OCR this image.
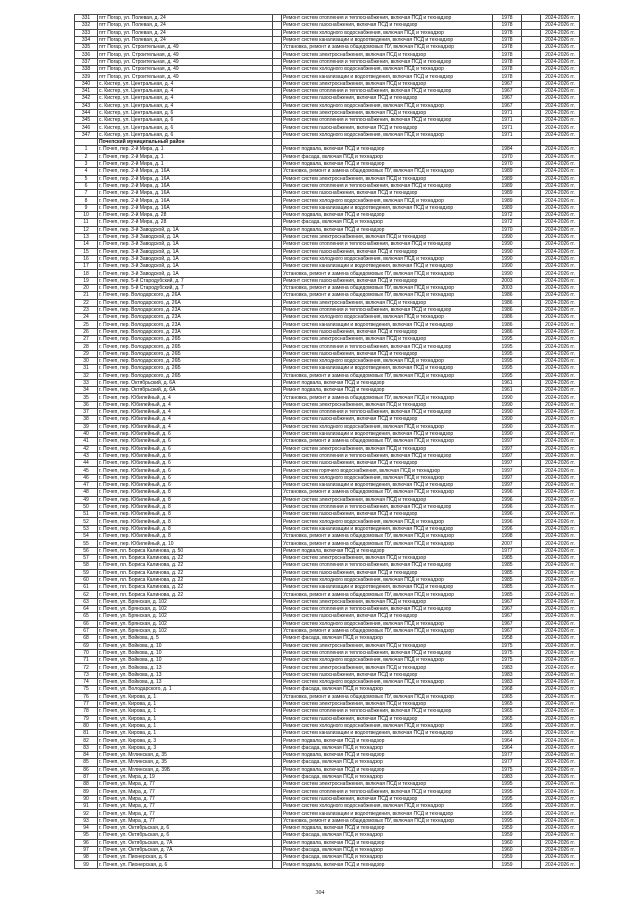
331	пгт Погар, ул. Полевая, д. 24		Ремонт систем отопления и теплоснабжения, включая ПСД и технадзор	1978		2024-2026 гг.
332	пгт Погар, ул. Полевая, д. 24		Ремонт систем газоснабжения, включая ПСД и технадзор	1978		2024-2026 гг.
333	пгт Погар, ул. Полевая, д. 24		Ремонт систем холодного водоснабжения, включая ПСД и технадзор	1978		2024-2026 гг.
334	пгт Погар, ул. Полевая, д. 24		Ремонт систем канализации и водоотведения, включая ПСД и технадзор	1978		2024-2026 гг.
335	пгт Погар, ул. Строительная, д. 49		Установка, ремонт и замена общедомовых ПУ, включая ПСД и технадзор	1978		2024-2026 гг.
336	пгт Погар, ул. Строительная, д. 49		Ремонт систем электроснабжения, включая ПСД и технадзор	1978		2024-2026 гг.
337	пгт Погар, ул. Строительная, д. 49		Ремонт систем отопления и теплоснабжения, включая ПСД и технадзор	1978		2024-2026 гг.
338	пгт Погар, ул. Строительная, д. 49		Ремонт систем холодного водоснабжения, включая ПСД и технадзор	1978		2024-2026 гг.
339	пгт Погар, ул. Строительная, д. 49		Ремонт систем канализации и водоотведения, включая ПСД и технадзор	1978		2024-2026 гг.
340	с. Кистер, ул. Центральная, д. 4		Ремонт систем электроснабжения, включая ПСД и технадзор	1967		2024-2026 гг.
341	с. Кистер, ул. Центральная, д. 4		Ремонт систем отопления и теплоснабжения, включая ПСД и технадзор	1967		2024-2026 гг.
342	с. Кистер, ул. Центральная, д. 4		Ремонт систем газоснабжения, включая ПСД и технадзор	1967		2024-2026 гг.
343	с. Кистер, ул. Центральная, д. 4		Ремонт систем холодного водоснабжения, включая ПСД и технадзор	1967		2024-2026 гг.
344	с. Кистер, ул. Центральная, д. 6		Ремонт систем электроснабжения, включая ПСД и технадзор	1971		2024-2026 гг.
345	с. Кистер, ул. Центральная, д. 6		Ремонт систем отопления и теплоснабжения, включая ПСД и технадзор	1971		2024-2026 гг.
346	с. Кистер, ул. Центральная, д. 6		Ремонт систем газоснабжения, включая ПСД и технадзор	1971		2024-2026 гг.
347	с. Кистер, ул. Центральная, д. 6		Ремонт систем холодного водоснабжения, включая ПСД и технадзор	1971		2024-2026 гг.
	Почепский муниципальный район					
1	г. Почеп, пер. 2-й Мира, д. 1		Ремонт подвала, включая ПСД и технадзор	1984		2024-2026 гг.
2	г. Почеп, пер. 2-й Мира, д. 1		Ремонт фасада, включая ПСД и технадзор	1970		2024-2026 гг.
3	г. Почеп, пер. 2-й Мира, д. 1		Ремонт подвала, включая ПСД и технадзор	1970		2024-2026 гг.
4	г. Почеп, пер. 2-й Мира, д. 16А		Установка, ремонт и замена общедомовых ПУ, включая ПСД и технадзор	1989		2024-2026 гг.
5	г. Почеп, пер. 2-й Мира, д. 16А		Ремонт систем электроснабжения, включая ПСД и технадзор	1989		2024-2026 гг.
6	г. Почеп, пер. 2-й Мира, д. 16А		Ремонт систем отопления и теплоснабжения, включая ПСД и технадзор	1989		2024-2026 гг.
7	г. Почеп, пер. 2-й Мира, д. 16А		Ремонт систем газоснабжения, включая ПСД и технадзор	1989		2024-2026 гг.
8	г. Почеп, пер. 2-й Мира, д. 16А		Ремонт систем холодного водоснабжения, включая ПСД и технадзор	1989		2024-2026 гг.
9	г. Почеп, пер. 2-й Мира, д. 16А		Ремонт систем канализации и водоотведения, включая ПСД и технадзор	1989		2024-2026 гг.
10	г. Почеп, пер. 2-й Мира, д. 28		Ремонт подвала, включая ПСД и технадзор	1972		2024-2026 гг.
11	г. Почеп, пер. 2-й Мира, д. 28		Ремонт фасада, включая ПСД и технадзор	1972		2024-2026 гг.
12	г. Почеп, пер. 3-й Заводской, д. 1А		Ремонт подвала, включая ПСД и технадзор	1970		2024-2026 гг.
13	г. Почеп, пер. 3-й Заводской, д. 1А		Ремонт систем электроснабжения, включая ПСД и технадзор	1990		2024-2026 гг.
14	г. Почеп, пер. 3-й Заводской, д. 1А		Ремонт систем отопления и теплоснабжения, включая ПСД и технадзор	1990		2024-2026 гг.
15	г. Почеп, пер. 3-й Заводской, д. 1А		Ремонт систем газоснабжения, включая ПСД и технадзор	1990		2024-2026 гг.
16	г. Почеп, пер. 3-й Заводской, д. 1А		Ремонт систем холодного водоснабжения, включая ПСД и технадзор	1990		2024-2026 гг.
17	г. Почеп, пер. 3-й Заводской, д. 1А		Ремонт систем канализации и водоотведения, включая ПСД и технадзор	1990		2024-2026 гг.
18	г. Почеп, пер. 3-й Заводской, д. 1А		Установка, ремонт и замена общедомовых ПУ, включая ПСД и технадзор	1990		2024-2026 гг.
19	г. Почеп, пер. 5-й Стародубский, д. 7		Ремонт систем газоснабжения, включая ПСД и технадзор	2003		2024-2026 гг.
20	г. Почеп, пер. 5-й Стародубский, д. 7		Установка, ремонт и замена общедомовых ПУ, включая ПСД и технадзор	2003		2024-2026 гг.
21	г. Почеп, пер. Володарского, д. 26А		Установка, ремонт и замена общедомовых ПУ, включая ПСД и технадзор	1986		2024-2026 гг.
22	г. Почеп, пер. Володарского, д. 26А		Ремонт систем электроснабжения, включая ПСД и технадзор	1986		2024-2026 гг.
23	г. Почеп, пер. Володарского, д. 23А		Ремонт систем отопления и теплоснабжения, включая ПСД и технадзор	1986		2024-2026 гг.
24	г. Почеп, пер. Володарского, д. 23А		Ремонт систем холодного водоснабжения, включая ПСД и технадзор	1986		2024-2026 гг.
25	г. Почеп, пер. Володарского, д. 23А		Ремонт систем канализации и водоотведения, включая ПСД и технадзор	1986		2024-2026 гг.
26	г. Почеп, пер. Володарского, д. 23А		Ремонт систем газоснабжения, включая ПСД и технадзор	1986		2024-2026 гг.
27	г. Почеп, пер. Володарского, д. 26Б		Ремонт систем электроснабжения, включая ПСД и технадзор	1995		2024-2026 гг.
28	г. Почеп, пер. Володарского, д. 26Б		Ремонт систем отопления и теплоснабжения, включая ПСД и технадзор	1995		2024-2026 гг.
29	г. Почеп, пер. Володарского, д. 26Б		Ремонт систем газоснабжения, включая ПСД и технадзор	1995		2024-2026 гг.
30	г. Почеп, пер. Володарского, д. 26Б		Ремонт систем холодного водоснабжения, включая ПСД и технадзор	1995		2024-2026 гг.
31	г. Почеп, пер. Володарского, д. 26Б		Ремонт систем канализации и водоотведения, включая ПСД и технадзор	1995		2024-2026 гг.
32	г. Почеп, пер. Володарского, д. 26Б		Установка, ремонт и замена общедомовых ПУ, включая ПСД и технадзор	1995		2024-2026 гг.
33	г. Почеп, пер. Октябрьский, д. 6А		Ремонт подвала, включая ПСД и технадзор	1961		2024-2026 гг.
34	г. Почеп, пер. Октябрьский, д. 6А		Ремонт подвала, включая ПСД и технадзор	1961		2024-2026 гг.
35	г. Почеп, пер. Юбилейный, д. 4		Установка, ремонт и замена общедомовых ПУ, включая ПСД и технадзор	1990		2024-2026 гг.
36	г. Почеп, пер. Юбилейный, д. 4		Ремонт систем электроснабжения, включая ПСД и технадзор	1990		2024-2026 гг.
37	г. Почеп, пер. Юбилейный, д. 4		Ремонт систем отопления и теплоснабжения, включая ПСД и технадзор	1990		2024-2026 гг.
38	г. Почеп, пер. Юбилейный, д. 4		Ремонт систем газоснабжения, включая ПСД и технадзор	1990		2024-2026 гг.
39	г. Почеп, пер. Юбилейный, д. 4		Ремонт систем холодного водоснабжения, включая ПСД и технадзор	1990		2024-2026 гг.
40	г. Почеп, пер. Юбилейный, д. 6		Ремонт систем канализации и водоотведения, включая ПСД и технадзор	1990		2024-2026 гг.
41	г. Почеп, пер. Юбилейный, д. 6		Установка, ремонт и замена общедомовых ПУ, включая ПСД и технадзор	1997		2024-2026 гг.
42	г. Почеп, пер. Юбилейный, д. 6		Ремонт систем электроснабжения, включая ПСД и технадзор	1997		2024-2026 гг.
43	г. Почеп, пер. Юбилейный, д. 6		Ремонт систем отопления и теплоснабжения, включая ПСД и технадзор	1997		2024-2026 гг.
44	г. Почеп, пер. Юбилейный, д. 6		Ремонт систем газоснабжения, включая ПСД и технадзор	1997		2024-2026 гг.
45	г. Почеп, пер. Юбилейный, д. 6		Ремонт систем горячего водоснабжения, включая ПСД и технадзор	1997		2024-2026 гг.
46	г. Почеп, пер. Юбилейный, д. 6		Ремонт систем холодного водоснабжения, включая ПСД и технадзор	1997		2024-2026 гг.
47	г. Почеп, пер. Юбилейный, д. 6		Ремонт систем канализации и водоотведения, включая ПСД и технадзор	1997		2024-2026 гг.
48	г. Почеп, пер. Юбилейный, д. 8		Установка, ремонт и замена общедомовых ПУ, включая ПСД и технадзор	1996		2024-2026 гг.
49	г. Почеп, пер. Юбилейный, д. 8		Ремонт систем электроснабжения, включая ПСД и технадзор	1996		2024-2026 гг.
50	г. Почеп, пер. Юбилейный, д. 8		Ремонт систем отопления и теплоснабжения, включая ПСД и технадзор	1996		2024-2026 гг.
51	г. Почеп, пер. Юбилейный, д. 8		Ремонт систем газоснабжения, включая ПСД и технадзор	1996		2024-2026 гг.
52	г. Почеп, пер. Юбилейный, д. 8		Ремонт систем холодного водоснабжения, включая ПСД и технадзор	1996		2024-2026 гг.
53	г. Почеп, пер. Юбилейный, д. 8		Ремонт систем канализации и водоотведения, включая ПСД и технадзор	1996		2024-2026 гг.
54	г. Почеп, пер. Юбилейный, д. 8		Установка, ремонт и замена общедомовых ПУ, включая ПСД и технадзор	1998		2024-2026 гг.
55	г. Почеп, пер. Юбилейный, д. 10		Установка, ремонт и замена общедомовых ПУ, включая ПСД и технадзор	2007		2024-2026 гг.
56	г. Почеп, пл. Бориса Калинова, д. 50		Ремонт подвала, включая ПСД и технадзор	1977		2024-2026 гг.
57	г. Почеп, пл. Бориса Калинова, д. 22		Ремонт систем электроснабжения, включая ПСД и технадзор	1985		2024-2026 гг.
58	г. Почеп, пл. Бориса Калинова, д. 22		Ремонт систем отопления и теплоснабжения, включая ПСД и технадзор	1985		2024-2026 гг.
59	г. Почеп, пл. Бориса Калинова, д. 22		Ремонт систем газоснабжения, включая ПСД и технадзор	1985		2024-2026 гг.
60	г. Почеп, пл. Бориса Калинова, д. 22		Ремонт систем холодного водоснабжения, включая ПСД и технадзор	1985		2024-2026 гг.
61	г. Почеп, пл. Бориса Калинова, д. 22		Ремонт систем канализации и водоотведения, включая ПСД и технадзор	1985		2024-2026 гг.
62	г. Почеп, пл. Бориса Калинова, д. 22		Установка, ремонт и замена общедомовых ПУ, включая ПСД и технадзор	1985		2024-2026 гг.
63	г. Почеп, ул. Брянская, д. 102		Ремонт систем электроснабжения, включая ПСД и технадзор	1967		2024-2026 гг.
64	г. Почеп, ул. Брянская, д. 102		Ремонт систем отопления и теплоснабжения, включая ПСД и технадзор	1967		2024-2026 гг.
65	г. Почеп, ул. Брянская, д. 102		Ремонт систем газоснабжения, включая ПСД и технадзор	1967		2024-2026 гг.
66	г. Почеп, ул. Брянская, д. 102		Ремонт систем холодного водоснабжения, включая ПСД и технадзор	1967		2024-2026 гг.
67	г. Почеп, ул. Брянская, д. 102		Установка, ремонт и замена общедомовых ПУ, включая ПСД и технадзор	1967		2024-2026 гг.
68	г. Почеп, ул. Войкова, д. 5		Ремонт фасада, включая ПСД и технадзор	1958		2024-2026 гг.
69	г. Почеп, ул. Войкова, д. 10		Ремонт систем электроснабжения, включая ПСД и технадзор	1975		2024-2026 гг.
70	г. Почеп, ул. Войкова, д. 10		Ремонт систем отопления и теплоснабжения, включая ПСД и технадзор	1975		2024-2026 гг.
71	г. Почеп, ул. Войкова, д. 10		Ремонт систем холодного водоснабжения, включая ПСД и технадзор	1975		2024-2026 гг.
72	г. Почеп, ул. Войкова, д. 13		Ремонт систем электроснабжения, включая ПСД и технадзор	1983		2024-2026 гг.
73	г. Почеп, ул. Войкова, д. 13		Ремонт систем газоснабжения, включая ПСД и технадзор	1983		2024-2026 гг.
74	г. Почеп, ул. Войкова, д. 13		Ремонт систем холодного водоснабжения, включая ПСД и технадзор	1983		2024-2026 гг.
75	г. Почеп, ул. Володарского, д. 1		Ремонт фасада, включая ПСД и технадзор	1968		2024-2026 гг.
76	г. Почеп, ул. Кирова, д. 1		Установка, ремонт и замена общедомовых ПУ, включая ПСД и технадзор	1965		2024-2026 гг.
77	г. Почеп, ул. Кирова, д. 1		Ремонт систем электроснабжения, включая ПСД и технадзор	1965		2024-2026 гг.
78	г. Почеп, ул. Кирова, д. 1		Ремонт систем отопления и теплоснабжения, включая ПСД и технадзор	1965		2024-2026 гг.
79	г. Почеп, ул. Кирова, д. 1		Ремонт систем газоснабжения, включая ПСД и технадзор	1965		2024-2026 гг.
80	г. Почеп, ул. Кирова, д. 1		Ремонт систем холодного водоснабжения, включая ПСД и технадзор	1965		2024-2026 гг.
81	г. Почеп, ул. Кирова, д. 1		Ремонт систем канализации и водоотведения, включая ПСД и технадзор	1965		2024-2026 гг.
82	г. Почеп, ул. Кирова, д. 3		Ремонт подвала, включая ПСД и технадзор	1964		2024-2026 гг.
83	г. Почеп, ул. Кирова, д. 3		Ремонт фасада, включая ПСД и технадзор	1964		2024-2026 гг.
84	г. Почеп, ул. Мглинская, д. 35		Ремонт подвала, включая ПСД и технадзор	1977		2024-2026 гг.
85	г. Почеп, ул. Мглинская, д. 35		Ремонт фасада, включая ПСД и технадзор	1977		2024-2026 гг.
86	г. Почеп, ул. Мглинская, д. 39Б		Ремонт подвала, включая ПСД и технадзор	1975		2024-2026 гг.
87	г. Почеп, ул. Мира, д. 19		Ремонт фасада, включая ПСД и технадзор	1983		2024-2026 гг.
88	г. Почеп, ул. Мира, д. 77		Ремонт систем электроснабжения, включая ПСД и технадзор	1995		2024-2026 гг.
89	г. Почеп, ул. Мира, д. 77		Ремонт систем отопления и теплоснабжения, включая ПСД и технадзор	1995		2024-2026 гг.
90	г. Почеп, ул. Мира, д. 77		Ремонт систем газоснабжения, включая ПСД и технадзор	1995		2024-2026 гг.
91	г. Почеп, ул. Мира, д. 77		Ремонт систем холодного водоснабжения, включая ПСД и технадзор	1995		2024-2026 гг.
92	г. Почеп, ул. Мира, д. 77		Ремонт систем канализации и водоотведения, включая ПСД и технадзор	1995		2024-2026 гг.
93	г. Почеп, ул. Мира, д. 77		Установка, ремонт и замена общедомовых ПУ, включая ПСД и технадзор	1995		2024-2026 гг.
94	г. Почеп, ул. Октябрьская, д. 6		Ремонт подвала, включая ПСД и технадзор	1959		2024-2026 гг.
95	г. Почеп, ул. Октябрьская, д. 6		Ремонт фасада, включая ПСД и технадзор	1959		2024-2026 гг.
96	г. Почеп, ул. Октябрьская, д. 7А		Ремонт подвала, включая ПСД и технадзор	1960		2024-2026 гг.
97	г. Почеп, ул. Октябрьская, д. 7А		Ремонт фасада, включая ПСД и технадзор	1960		2024-2026 гг.
98	г. Почеп, ул. Пионерская, д. 6		Ремонт фасада, включая ПСД и технадзор	1959		2024-2026 гг.
99	г. Почеп, ул. Пионерская, д. 6		Ремонт подвала, включая ПСД и технадзор	1959		2024-2026 гг.
304
